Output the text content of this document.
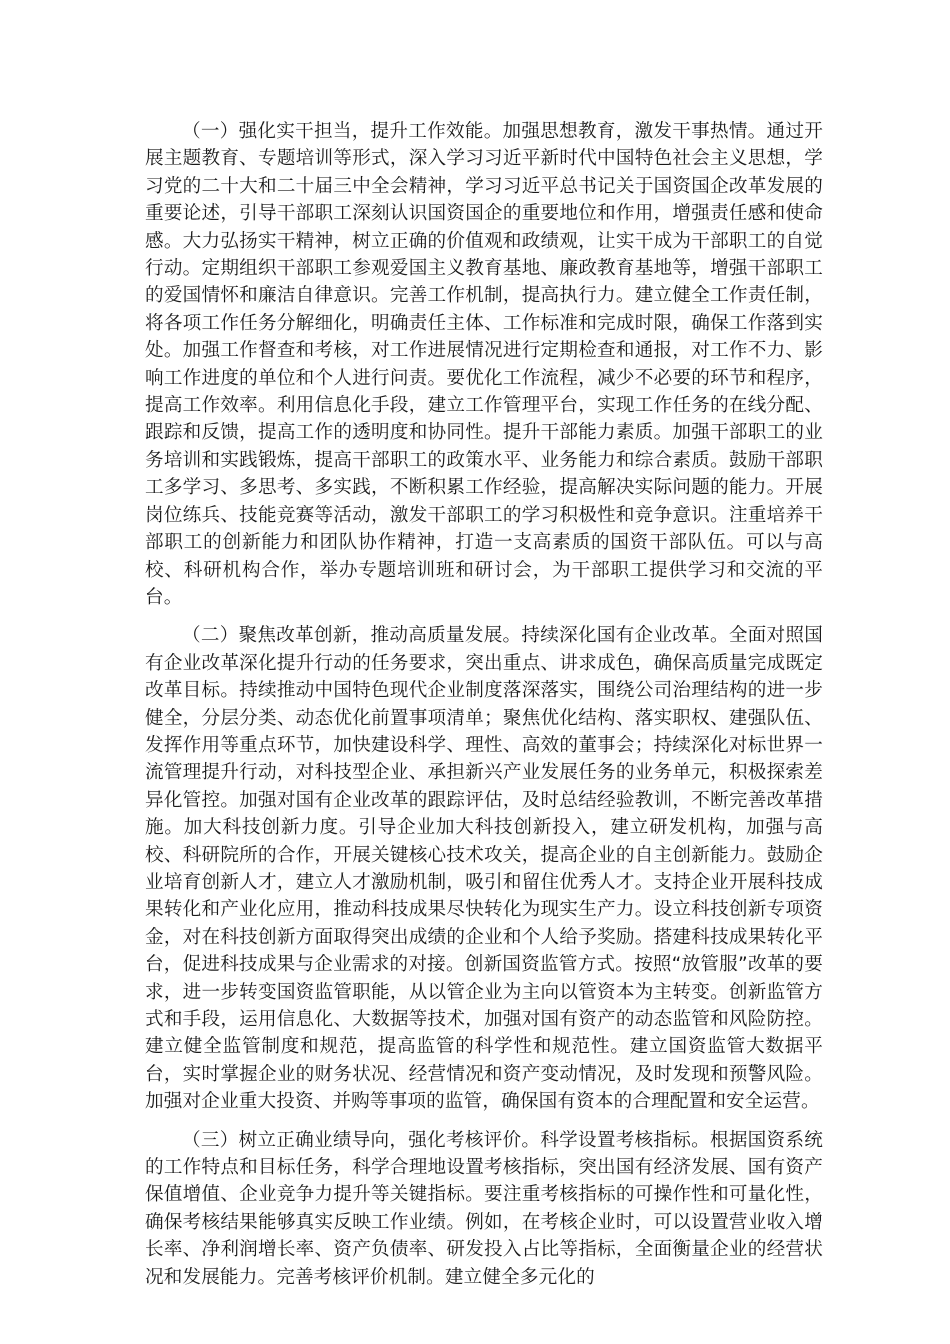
（一）强化实干担当，提升工作效能。加强思想教育，激发干事热情。通过开展主题教育、专题培训等形式，深入学习习近平新时代中国特色社会主义思想，学习党的二十大和二十届三中全会精神，学习习近平总书记关于国资国企改革发展的重要论述，引导干部职工深刻认识国资国企的重要地位和作用，增强责任感和使命感。大力弘扬实干精神，树立正确的价值观和政绩观，让实干成为干部职工的自觉行动。定期组织干部职工参观爱国主义教育基地、廉政教育基地等，增强干部职工的爱国情怀和廉洁自律意识。完善工作机制，提高执行力。建立健全工作责任制，将各项工作任务分解细化，明确责任主体、工作标准和完成时限，确保工作落到实处。加强工作督查和考核，对工作进展情况进行定期检查和通报，对工作不力、影响工作进度的单位和个人进行问责。要优化工作流程，减少不必要的环节和程序，提高工作效率。利用信息化手段，建立工作管理平台，实现工作任务的在线分配、跟踪和反馈，提高工作的透明度和协同性。提升干部能力素质。加强干部职工的业务培训和实践锻炼，提高干部职工的政策水平、业务能力和综合素质。鼓励干部职工多学习、多思考、多实践，不断积累工作经验，提高解决实际问题的能力。开展岗位练兵、技能竞赛等活动，激发干部职工的学习积极性和竞争意识。注重培养干部职工的创新能力和团队协作精神，打造一支高素质的国资干部队伍。可以与高校、科研机构合作，举办专题培训班和研讨会，为干部职工提供学习和交流的平台。

（二）聚焦改革创新，推动高质量发展。持续深化国有企业改革。全面对照国有企业改革深化提升行动的任务要求，突出重点、讲求成色，确保高质量完成既定改革目标。持续推动中国特色现代企业制度落深落实，围绕公司治理结构的进一步健全，分层分类、动态优化前置事项清单；聚焦优化结构、落实职权、建强队伍、发挥作用等重点环节，加快建设科学、理性、高效的董事会；持续深化对标世界一流管理提升行动，对科技型企业、承担新兴产业发展任务的业务单元，积极探索差异化管控。加强对国有企业改革的跟踪评估，及时总结经验教训，不断完善改革措施。加大科技创新力度。引导企业加大科技创新投入，建立研发机构，加强与高校、科研院所的合作，开展关键核心技术攻关，提高企业的自主创新能力。鼓励企业培育创新人才，建立人才激励机制，吸引和留住优秀人才。支持企业开展科技成果转化和产业化应用，推动科技成果尽快转化为现实生产力。设立科技创新专项资金，对在科技创新方面取得突出成绩的企业和个人给予奖励。搭建科技成果转化平台，促进科技成果与企业需求的对接。创新国资监管方式。按照“放管服”改革的要求，进一步转变国资监管职能，从以管企业为主向以管资本为主转变。创新监管方式和手段，运用信息化、大数据等技术，加强对国有资产的动态监管和风险防控。建立健全监管制度和规范，提高监管的科学性和规范性。建立国资监管大数据平台，实时掌握企业的财务状况、经营情况和资产变动情况，及时发现和预警风险。加强对企业重大投资、并购等事项的监管，确保国有资本的合理配置和安全运营。

（三）树立正确业绩导向，强化考核评价。科学设置考核指标。根据国资系统的工作特点和目标任务，科学合理地设置考核指标，突出国有经济发展、国有资产保值增值、企业竞争力提升等关键指标。要注重考核指标的可操作性和可量化性，确保考核结果能够真实反映工作业绩。例如，在考核企业时，可以设置营业收入增长率、净利润增长率、资产负债率、研发投入占比等指标，全面衡量企业的经营状况和发展能力。完善考核评价机制。建立健全多元化的
